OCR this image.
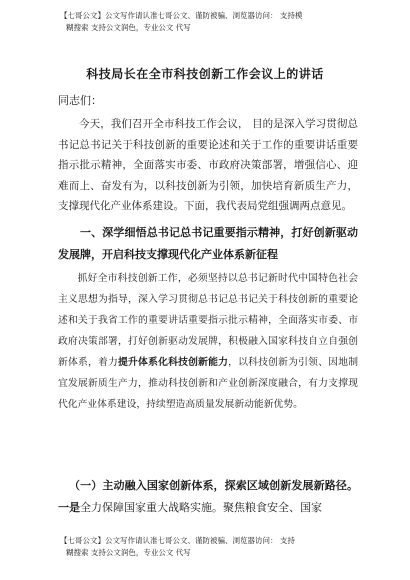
【七哥公文】公文写作请认准七哥公文、谨防被骗、浏览器访问： 支持模
糊搜索 支持公文润色，专业公文 代写
科技局长在全市科技创新工作会议上的讲话
同志们：

今天，我们召开全市科技工作会议， 目的是深入学习贯彻总书记总书记关于科技创新的重要论述和关于工作的重要讲话重要指示批示精神，全面落实市委、市政府决策部署，增强信心、迎难而上、奋发有为，以科技创新为引领，加快培育新质生产力，支撑现代化产业体系建设。下面，我代表局党组强调两点意见。

一、深学细悟总书记总书记重要指示精神，打好创新驱动发展牌，开启科技支撑现代化产业体系新征程

抓好全市科技创新工作，必须坚持以总书记新时代中国特色社会主义思想为指导，深入学习贯彻总书记总书记关于科技创新的重要论述和关于我省工作的重要讲话重要指示批示精神，全面落实市委、市政府决策部署，打好创新驱动发展牌，积极融入国家科技自立自强创新体系，着力提升体系化科技创新能力，以科技创新为引领、因地制宜发展新质生产力，推动科技创新和产业创新深度融合，有力支撑现代化产业体系建设，持续塑造高质量发展新动能新优势。

（一）主动融入国家创新体系，探索区域创新发展新路径。一是全力保障国家重大战略实施。聚焦粮食安全、国家

【七哥公文】公文写作请认准七哥公文、谨防被骗、浏览器访问： 支持
糊搜索 支持公文润色，专业公文 代写
